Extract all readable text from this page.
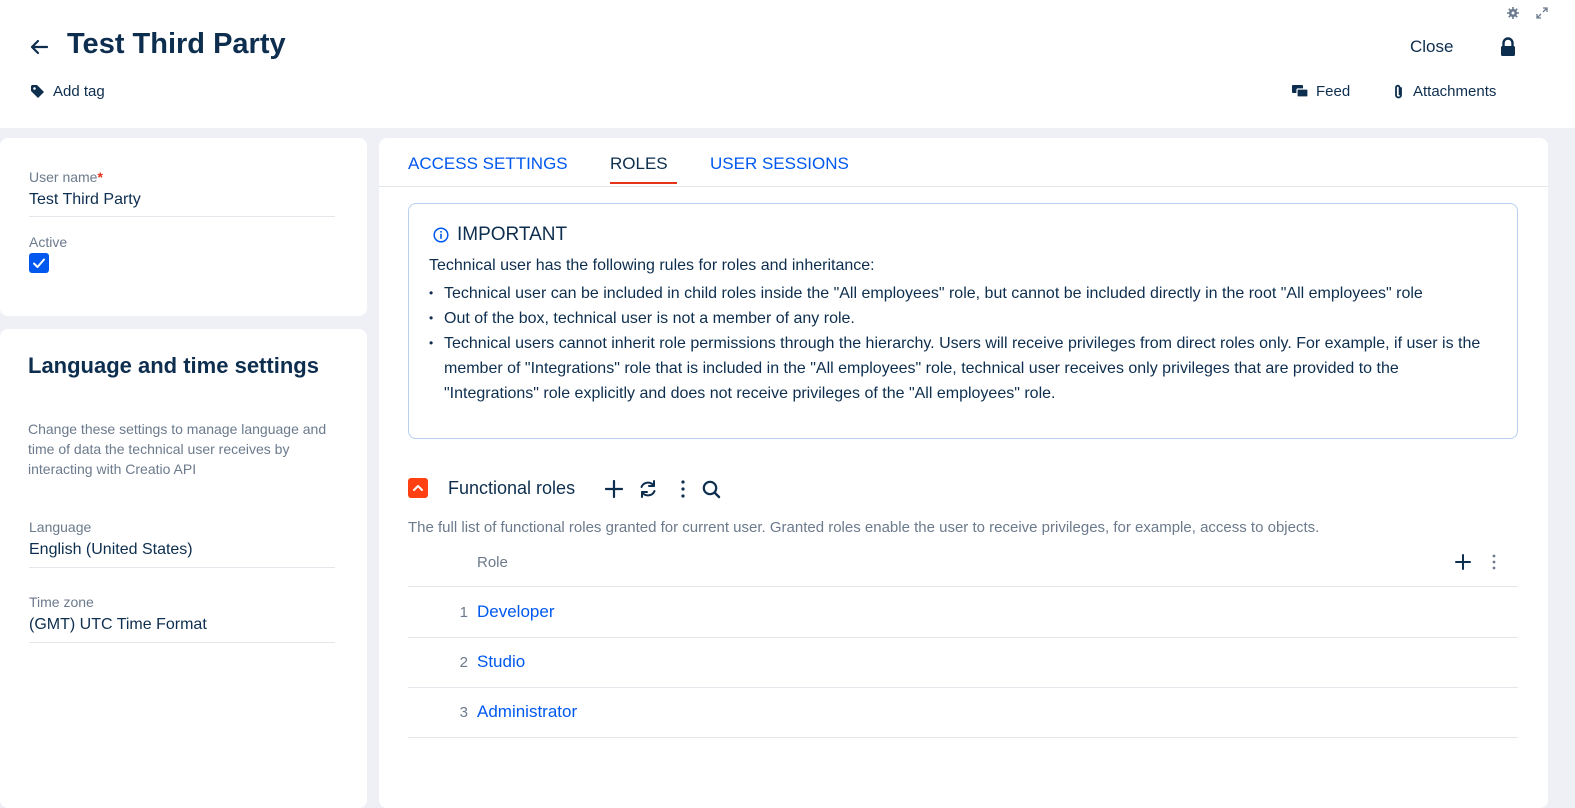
Test Third Party
Add tag
Close
Feed	Attachments
User name*
Test Third Party
Active
Language and time settings
Change these settings to manage language and time of data the technical user receives by interacting with Creatio API
Language
English (United States)
Time zone
(GMT) UTC Time Format
ACCESS SETTINGS ROLES USER SESSIONS
IMPORTANT
Technical user has the following rules for roles and inheritance:
• Technical user can be included in child roles inside the "All employees" role, but cannot be included directly in the root "All employees" role
• Out of the box, technical user is not a member of any role.
• Technical users cannot inherit role permissions through the hierarchy. Users will receive privileges from direct roles only. For example, if user is the member of "Integrations" role that is included in the "All employees" role, technical user receives only privileges that are provided to the "Integrations" role explicitly and does not receive privileges of the "All employees" role.
Functional roles
The full list of functional roles granted for current user. Granted roles enable the user to receive privileges, for example, access to objects.
Role
1 Developer
2 Studio
3 Administrator
